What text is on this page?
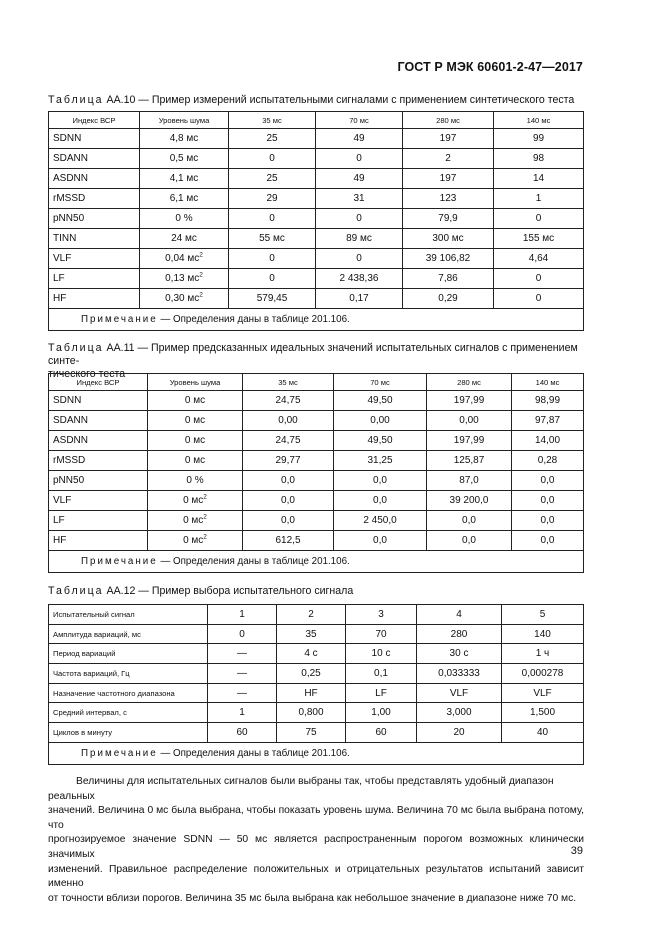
ГОСТ Р МЭК 60601-2-47—2017
Таблица АА.10 — Пример измерений испытательными сигналами с применением синтетического теста
Индекс ВСР	Уровень шума	35 мс	70 мс	280 мс	140 мс
SDNN	4,8 мс	25	49	197	99
SDANN	0,5 мс	0	0	2	98
ASDNN	4,1 мс	25	49	197	14
rMSSD	6,1 мс	29	31	123	1
pNN50	0 %	0	0	79,9	0
TINN	24 мс	55 мс	89 мс	300 мс	155 мс
VLF	0,04 $мс^2$	0	0	39 106,82	4,64
LF	0,13 $мс^2$	0	2 438,36	7,86	0
HF	0,30 $мс^2$	579,45	0,17	0,29	0
Примечание — Определения даны в таблице 201.106.					
Таблица АА.11 — Пример предсказанных идеальных значений испытательных сигналов с применением синте-
тического теста
Индекс ВСР	Уровень шума	35 мс	70 мс	280 мс	140 мс
SDNN	0 мс	24,75	49,50	197,99	98,99
SDANN	0 мс	0,00	0,00	0,00	97,87
ASDNN	0 мс	24,75	49,50	197,99	14,00
rMSSD	0 мс	29,77	31,25	125,87	0,28
pNN50	0 %	0,0	0,0	87,0	0,0
VLF	0 $мс^2$	0,0	0,0	39 200,0	0,0
LF	0 $мс^2$	0,0	2 450,0	0,0	0,0
HF	0 $мс^2$	612,5	0,0	0,0	0,0
Примечание — Определения даны в таблице 201.106.					
Таблица АА.12 — Пример выбора испытательного сигнала
Испытательный сигнал	1	2	3	4	5
Амплитуда вариаций, мс	0	35	70	280	140
Период вариаций	—	4 с	10 с	30 с	1 ч
Частота вариаций, Гц	—	0,25	0,1	0,033333	0,000278
Назначение частотного диапазона	—	HF	LF	VLF	VLF
Средний интервал, с	1	0,800	1,00	3,000	1,500
Циклов в минуту	60	75	60	20	40
Примечание — Определения даны в таблице 201.106.					
Величины для испытательных сигналов были выбраны так, чтобы представлять удобный диапазон реальных
значений. Величина 0 мс была выбрана, чтобы показать уровень шума. Величина 70 мс была выбрана потому, что
прогнозируемое значение SDNN — 50 мс является распространенным порогом возможных клинически значимых
изменений. Правильное распределение положительных и отрицательных результатов испытаний зависит именно
от точности вблизи порогов. Величина 35 мс была выбрана как небольшое значение в диапазоне ниже 70 мс.
39
